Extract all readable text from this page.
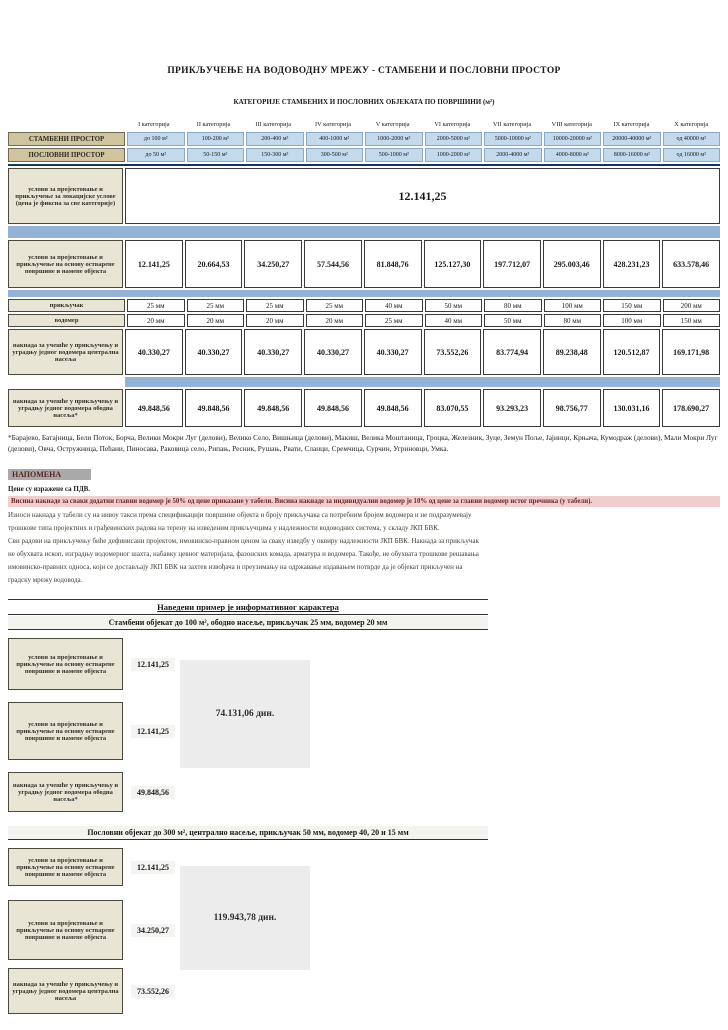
ПРИКЉУЧЕЊЕ НА ВОДОВОДНУ МРЕЖУ - СТАМБЕНИ И ПОСЛОВНИ ПРОСТОР
КАТЕГОРИЈЕ СТАМБЕНИХ И ПОСЛОВНИХ ОБЈЕКАТА ПО ПОВРШИНИ (м²)
I категорија	II категорија	III категорија	IV категорија	V категорија	VI категорија	VII категорија	VIII категорија	IX категорија	X категорија
СТАМБЕНИ ПРОСТОР	до 100 м²	100-200 м²	200-400 м²	400-1000 м²	1000-2000 м²	2000-5000 м²	5000-10000 м²	10000-20000 м²	20000-40000 м²	од 40000 м²
ПОСЛОВНИ ПРОСТОР	до 50 м²	50-150 м²	150-300 м²	300-500 м²	500-1000 м²	1000-2000 м²	2000-4000 м²	4000-8000 м²	8000-16000 м²	од 16000 м²
услови за пројектовање и прикључење за локацијске услове (цена је фиксна за све категорије)
12.141,25
услови за пројектовање и прикључење на основу остварене површине и намене објекта
12.141,25	20.664,53	34.250,27	57.544,56	81.848,76	125.127,30	197.712,07	295.003,46	428.231,23	633.578,46
прикључак	25 мм	25 мм	25 мм	25 мм	40 мм	50 мм	80 мм	100 мм	150 мм	200 мм
водомер	20 мм	20 мм	20 мм	20 мм	25 мм	40 мм	50 мм	80 мм	100 мм	150 мм
накнада за учешће у прикључењу и уградњу једног водомера централна насеља
40.330,27	40.330,27	40.330,27	40.330,27	40.330,27	73.552,26	83.774,94	89.238,48	120.512,87	169.171,98
накнада за учешће у прикључењу и уградњу једног водомера ободна насеља*
49.848,56	49.848,56	49.848,56	49.848,56	49.848,56	83.070,55	93.293,23	98.756,77	130.031,16	178.690,27
*Барајево, Батајница, Бели Поток, Борча, Велики Мокри Луг (делови), Велико Село, Вишњица (делови), Макиш, Велика Моштаница, Гроцка, Железник, Зуце, Земун Поље, Јајинци, Крњача, Кумодраж (делови), Мали Мокри Луг (делови), Овча, Остружница, Пећани, Пиносава, Раковица село, Рипањ, Ресник, Рушањ, Рвати, Сланци, Сремчица, Сурчин, Угриновци, Умка.
НАПОМЕНА
Цене су изражене са ПДВ.
Висина накнаде за сваки додатни главни водомер је 50% од цене приказане у табели. Висина накнаде за индивидуални водомер је 10% од цене за главни водомер истог пречника (у табели).
Износи накнада у табели су на нивоу такси према спецификацији површине објекта и броју прикључака са потребним бројем водомера и не подразумевају
трошкове типа пројектних и грађевинских радова на терену на изведеним прикључцима у надлежности водоводних система, у складу ЈКП БВК.
Сви радови на прикључењу биће дефинисани пројектом, имовинско-правном ценом за сваку изведбу у оквиру надлежности ЈКП БВК. Накнада за прикључак
не обухвата ископ, изградњу водомерног шахта, набавку цевног материјала, фазонских комада, арматура и водомера. Такође, не обухвата трошкове решавања
имовинско-правних односа, који се достављају ЈКП БВК на захтев извођача и преузимању на одржавање издавањем потврде да је објекат прикључен на
градску мрежу водовода.
Наведени пример је информативног карактера
Стамбени објекат до 100 м², ободно насеље, прикључак 25 мм, водомер 20 мм
услови за пројектовање и прикључење на основу остварене површине и намене објекта
12.141,25
услови за пројектовање и прикључење на основу остварене површине и намене објекта
12.141,25
накнада за учешће у прикључењу и уградњу једног водомера ободна насеља*
49.848,56
74.131,06 дин.
Пословни објекат до 300 м², централно насеље, прикључак 50 мм, водомер 40, 20 и 15 мм
услови за пројектовање и прикључење на основу остварене површине и намене објекта
12.141,25
услови за пројектовање и прикључење на основу остварене површине и намене објекта
34.250,27
накнада за учешће у прикључењу и уградњу једног водомера централна насеља
73.552,26
119.943,78 дин.
